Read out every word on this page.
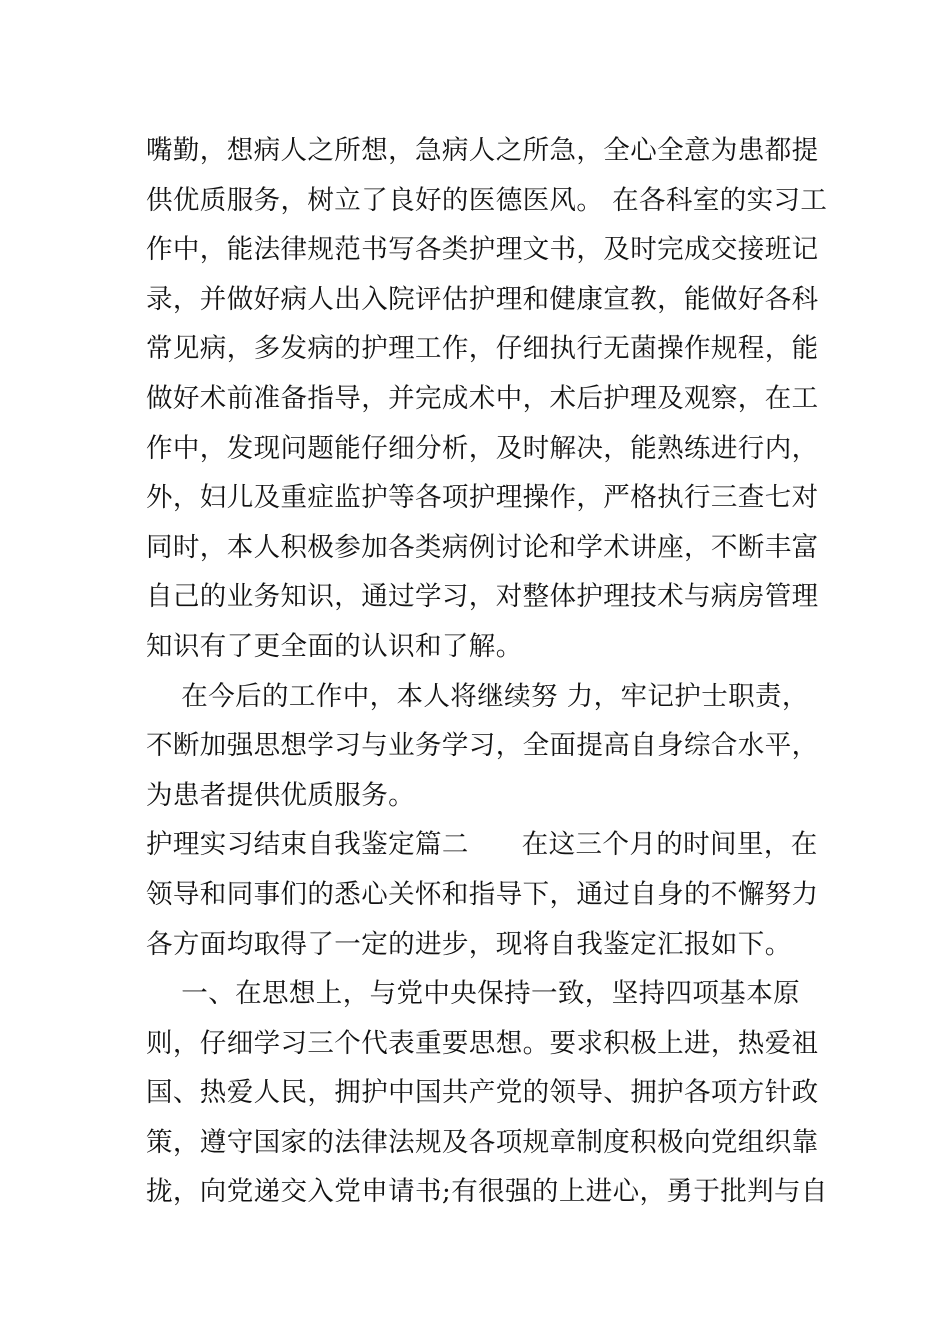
嘴勤，想病人之所想，急病人之所急，全心全意为患都提
供优质服务，树立了良好的医德医风。 在各科室的实习工
作中，能法律规范书写各类护理文书，及时完成交接班记
录，并做好病人出入院评估护理和健康宣教，能做好各科
常见病，多发病的护理工作，仔细执行无菌操作规程，能
做好术前准备指导，并完成术中，术后护理及观察，在工
作中，发现问题能仔细分析，及时解决，能熟练进行内，
外，妇儿及重症监护等各项护理操作，严格执行三查七对
同时，本人积极参加各类病例讨论和学术讲座，不断丰富
自己的业务知识，通过学习，对整体护理技术与病房管理
知识有了更全面的认识和了解。
在今后的工作中，本人将继续努 力，牢记护士职责，
不断加强思想学习与业务学习，全面提高自身综合水平，
为患者提供优质服务。
护理实习结束自我鉴定篇二      在这三个月的时间里，在
领导和同事们的悉心关怀和指导下，通过自身的不懈努力
各方面均取得了一定的进步，现将自我鉴定汇报如下。
一、在思想上，与党中央保持一致，坚持四项基本原
则，仔细学习三个代表重要思想。要求积极上进，热爱祖
国、热爱人民，拥护中国共产党的领导、拥护各项方针政
策，遵守国家的法律法规及各项规章制度积极向党组织靠
拢，向党递交入党申请书;有很强的上进心，勇于批判与自
